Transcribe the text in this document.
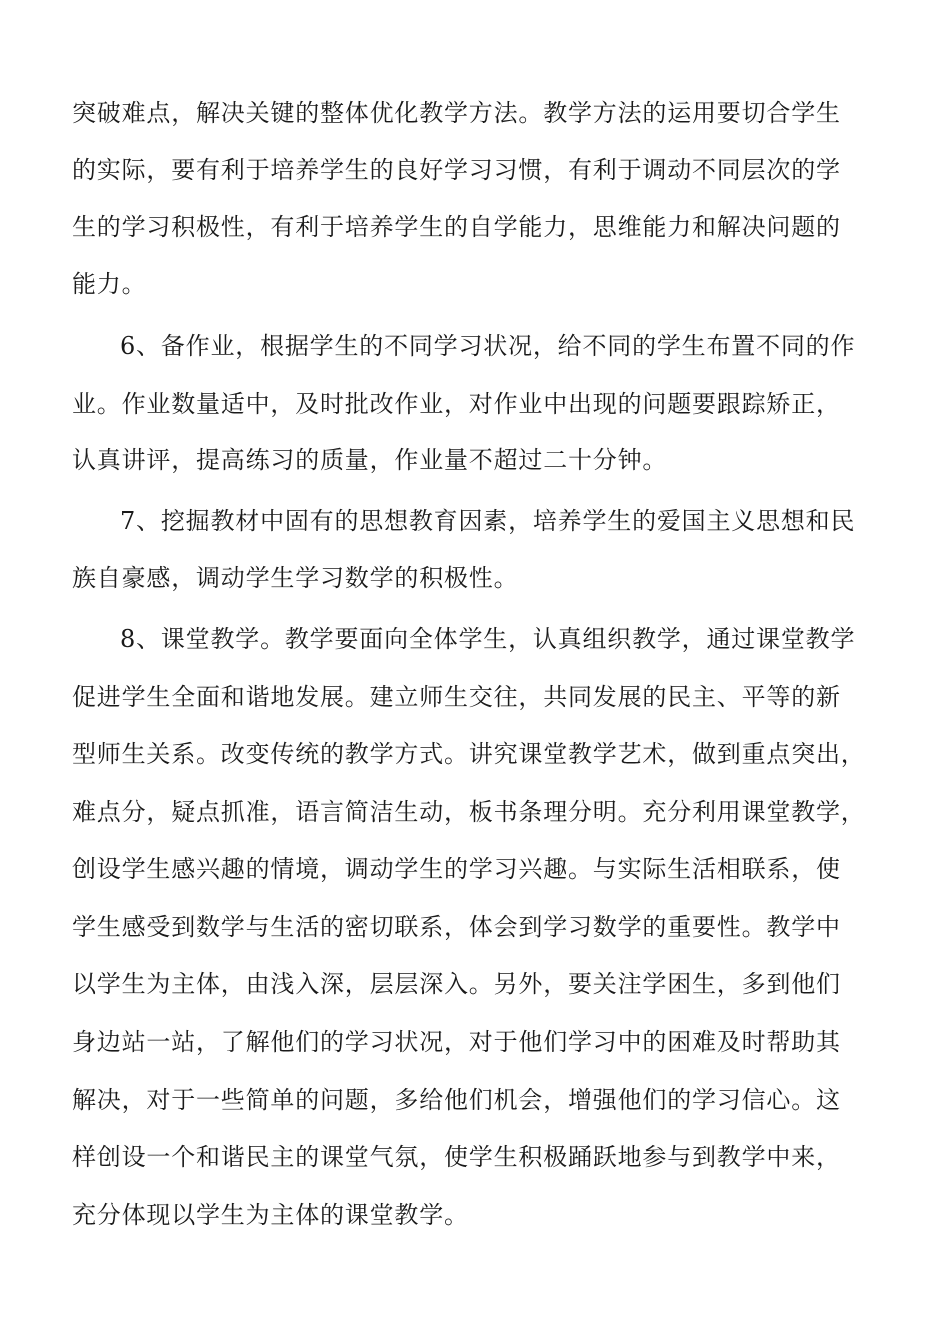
突破难点，解决关键的整体优化教学方法。教学方法的运用要切合学生
的实际，要有利于培养学生的良好学习习惯，有利于调动不同层次的学
生的学习积极性，有利于培养学生的自学能力，思维能力和解决问题的
能力。
6、备作业，根据学生的不同学习状况，给不同的学生布置不同的作
业。作业数量适中，及时批改作业，对作业中出现的问题要跟踪矫正，
认真讲评，提高练习的质量，作业量不超过二十分钟。
7、挖掘教材中固有的思想教育因素，培养学生的爱国主义思想和民
族自豪感，调动学生学习数学的积极性。
8、课堂教学。教学要面向全体学生，认真组织教学，通过课堂教学
促进学生全面和谐地发展。建立师生交往，共同发展的民主、平等的新
型师生关系。改变传统的教学方式。讲究课堂教学艺术，做到重点突出，
难点分，疑点抓准，语言简洁生动，板书条理分明。充分利用课堂教学，
创设学生感兴趣的情境，调动学生的学习兴趣。与实际生活相联系，使
学生感受到数学与生活的密切联系，体会到学习数学的重要性。教学中
以学生为主体，由浅入深，层层深入。另外，要关注学困生，多到他们
身边站一站，了解他们的学习状况，对于他们学习中的困难及时帮助其
解决，对于一些简单的问题，多给他们机会，增强他们的学习信心。这
样创设一个和谐民主的课堂气氛，使学生积极踊跃地参与到教学中来，
充分体现以学生为主体的课堂教学。
